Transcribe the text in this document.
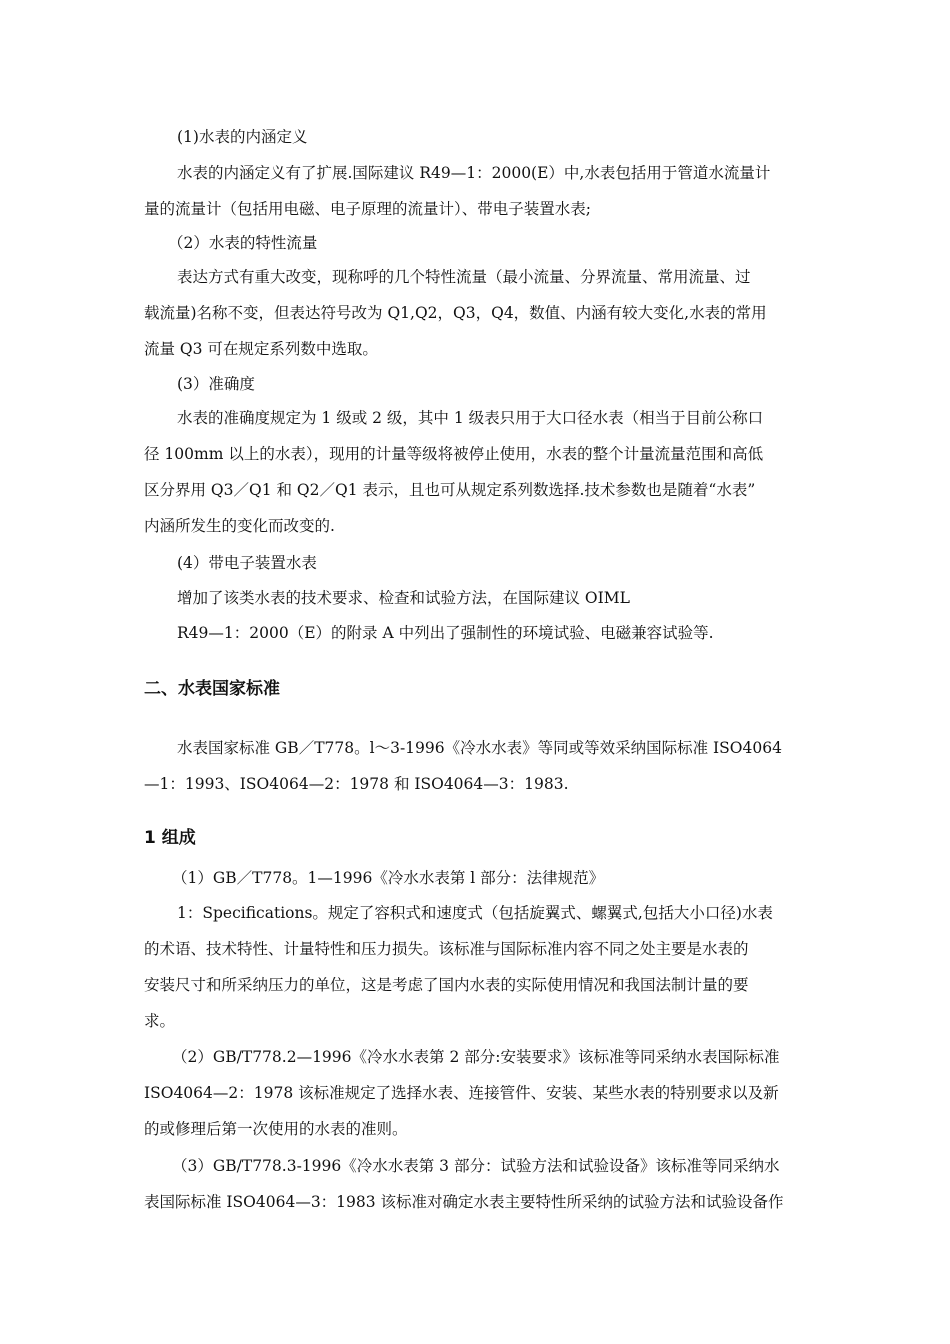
(1)水表的内涵定义
水表的内涵定义有了扩展.国际建议 R49—1：2000(E）中,水表包括用于管道水流量计
量的流量计（包括用电磁、电子原理的流量计）、带电子装置水表;
（2）水表的特性流量
表达方式有重大改变，现称呼的几个特性流量（最小流量、分界流量、常用流量、过
载流量)名称不变，但表达符号改为 Q1,Q2，Q3，Q4，数值、内涵有较大变化,水表的常用
流量 Q3 可在规定系列数中选取。
(3）准确度
水表的准确度规定为 1 级或 2 级，其中 1 级表只用于大口径水表（相当于目前公称口
径 100mm 以上的水表），现用的计量等级将被停止使用，水表的整个计量流量范围和高低
区分界用 Q3／Q1 和 Q2／Q1 表示，且也可从规定系列数选择.技术参数也是随着“水表”
内涵所发生的变化而改变的.
(4）带电子装置水表
增加了该类水表的技术要求、检查和试验方法，在国际建议 OIML
R49—1：2000（E）的附录 A 中列出了强制性的环境试验、电磁兼容试验等.
二、水表国家标准
水表国家标准 GB／T778。l～3-1996《冷水水表》等同或等效采纳国际标准 ISO4064
—1：1993、ISO4064—2：1978 和 ISO4064—3：1983.
1 组成
（1）GB／T778。1—1996《冷水水表第 l 部分：法律规范》
1：Specifications。规定了容积式和速度式（包括旋翼式、螺翼式,包括大小口径)水表
的术语、技术特性、计量特性和压力损失。该标准与国际标准内容不同之处主要是水表的
安装尺寸和所采纳压力的单位，这是考虑了国内水表的实际使用情况和我国法制计量的要
求。
（2）GB/T778.2—1996《冷水水表第 2 部分:安装要求》该标准等同采纳水表国际标准
ISO4064—2：1978 该标准规定了选择水表、连接管件、安装、某些水表的特别要求以及新
的或修理后第一次使用的水表的准则。
（3）GB/T778.3-1996《冷水水表第 3 部分：试验方法和试验设备》该标准等同采纳水
表国际标准 ISO4064—3：1983 该标准对确定水表主要特性所采纳的试验方法和试验设备作
